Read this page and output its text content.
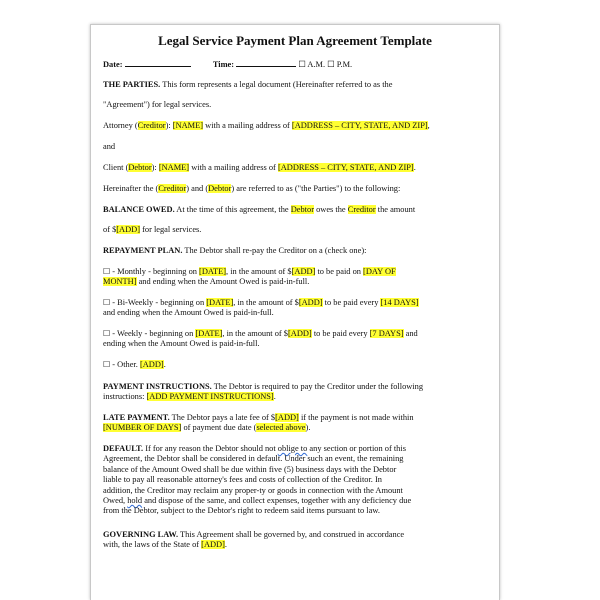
Legal Service Payment Plan Agreement Template

Date:	Time:	☐ A.M. ☐ P.M.

THE PARTIES. This form represents a legal document (Hereinafter referred to as the

"Agreement") for legal services.

Attorney (Creditor): [NAME] with a mailing address of [ADDRESS – CITY, STATE, AND ZIP],

and

Client (Debtor): [NAME] with a mailing address of [ADDRESS – CITY, STATE, AND ZIP].

Hereinafter the (Creditor) and (Debtor) are referred to as ("the Parties") to the following:

BALANCE OWED. At the time of this agreement, the Debtor owes the Creditor the amount

of $[ADD] for legal services.

REPAYMENT PLAN. The Debtor shall re-pay the Creditor on a (check one):

☐ - Monthly - beginning on [DATE], in the amount of $[ADD] to be paid on [DAY OF

MONTH] and ending when the Amount Owed is paid-in-full.

☐ - Bi-Weekly - beginning on [DATE], in the amount of $[ADD] to be paid every [14 DAYS]

and ending when the Amount Owed is paid-in-full.

☐ - Weekly - beginning on [DATE], in the amount of $[ADD] to be paid every [7 DAYS] and

ending when the Amount Owed is paid-in-full.

☐ - Other. [ADD].

PAYMENT INSTRUCTIONS. The Debtor is required to pay the Creditor under the following

instructions: [ADD PAYMENT INSTRUCTIONS].

LATE PAYMENT. The Debtor pays a late fee of $[ADD] if the payment is not made within

[NUMBER OF DAYS] of payment due date (selected above).

DEFAULT. If for any reason the Debtor should not oblige to any section or portion of this
Agreement, the Debtor shall be considered in default. Under such an event, the remaining
balance of the Amount Owed shall be due within five (5) business days with the Debtor
liable to pay all reasonable attorney's fees and costs of collection of the Creditor. In
addition, the Creditor may reclaim any proper-ty or goods in connection with the Amount
Owed, hold and dispose of the same, and collect expenses, together with any deficiency due
from the Debtor, subject to the Debtor's right to redeem said items pursuant to law.

GOVERNING LAW. This Agreement shall be governed by, and construed in accordance

with, the laws of the State of [ADD].
